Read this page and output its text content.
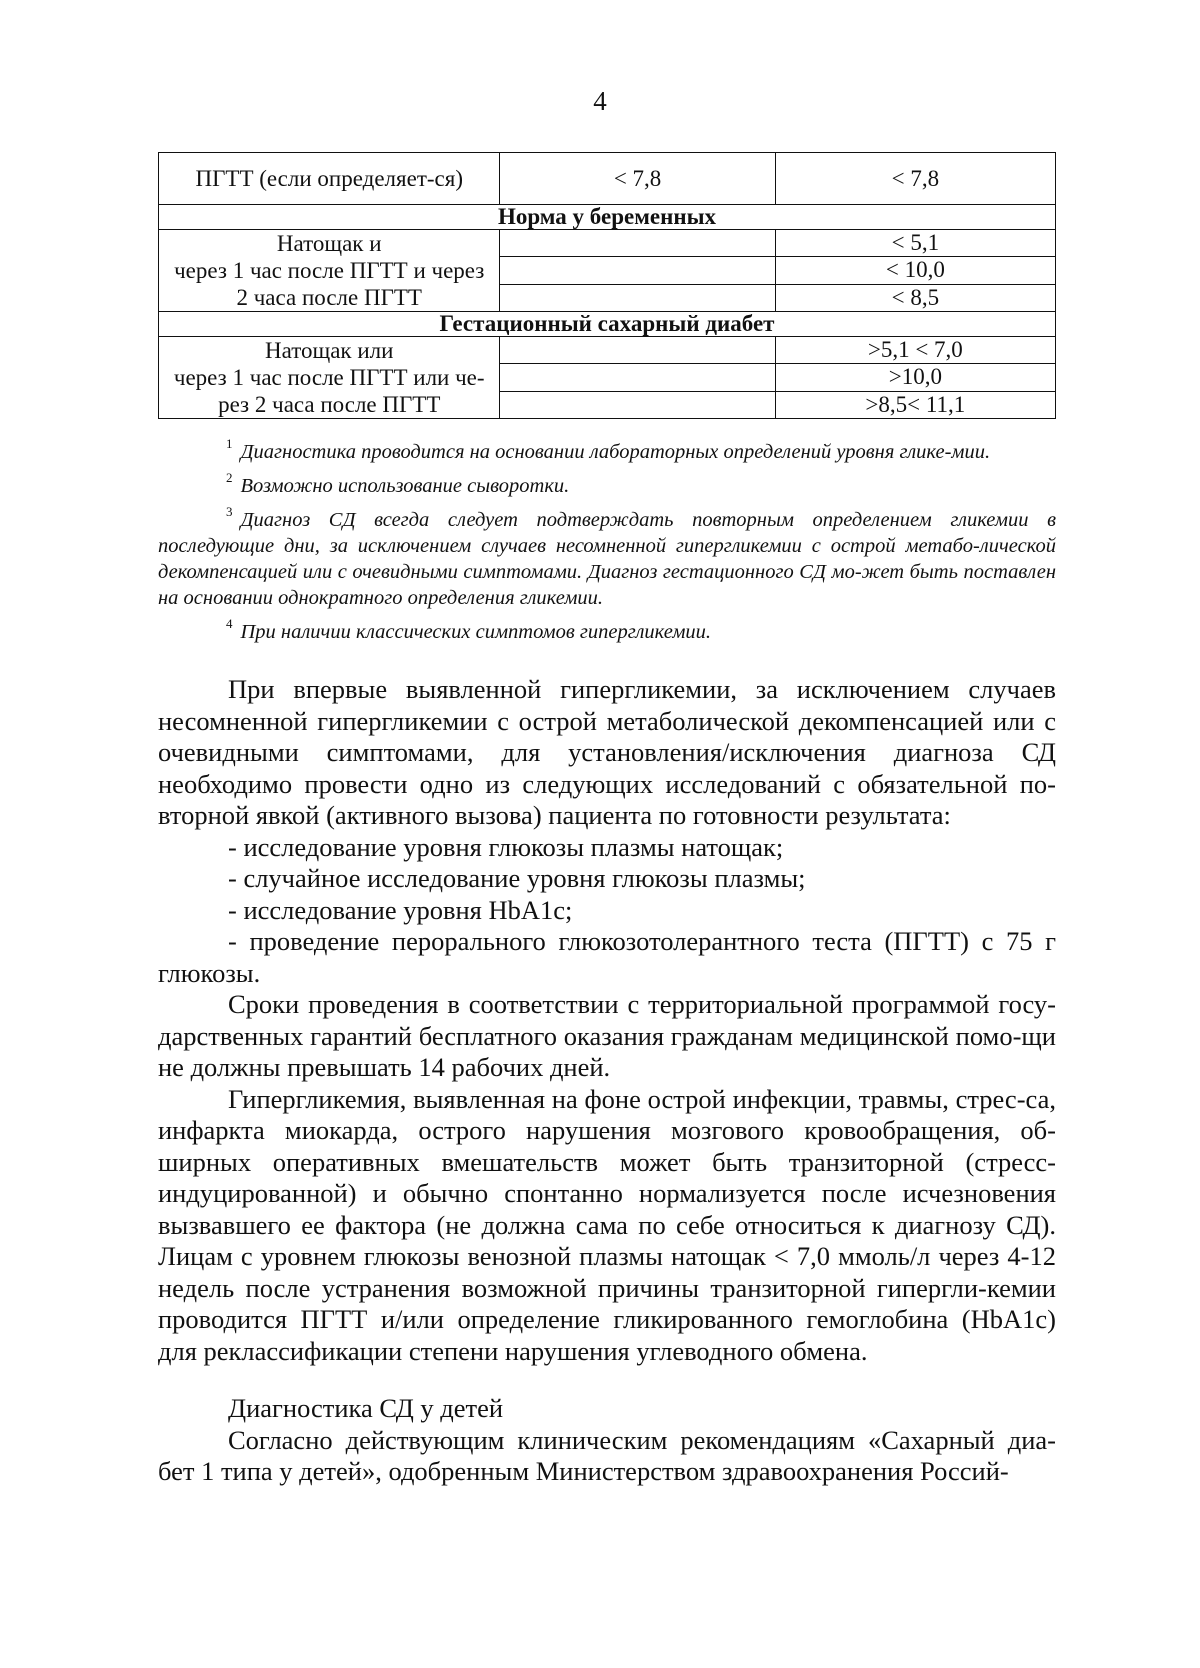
4
ПГТТ (если определяет-ся)	< 7,8	< 7,8
Норма у беременных		

Натощак и
через 1 час после ПГТТ и через
2 часа после ПГТТ		< 5,1
		< 10,0
		< 8,5
Гестационный сахарный диабет		

Натощак или
через 1 час после ПГТТ или че-
рез 2 часа после ПГТТ		>5,1 < 7,0
		>10,0
		>8,5< 11,1

$^1$ Диагностика проводится на основании лабораторных определений уровня глике-мии.

$^2$ Возможно использование сыворотки.

$^3$ Диагноз СД всегда следует подтверждать повторным определением гликемии в последующие дни, за исключением случаев несомненной гипергликемии с острой метабо-лической декомпенсацией или с очевидными симптомами. Диагноз гестационного СД мо-жет быть поставлен на основании однократного определения гликемии.

$^4$ При наличии классических симптомов гипергликемии.

При впервые выявленной гипергликемии, за исключением случаев несомненной гипергликемии с острой метаболической декомпенсацией или с очевидными симптомами, для установления/исключения диагноза СД необходимо провести одно из следующих исследований с обязательной по-вторной явкой (активного вызова) пациента по готовности результата:

- исследование уровня глюкозы плазмы натощак;

- случайное исследование уровня глюкозы плазмы;

- исследование уровня HbA1c;

- проведение перорального глюкозотолерантного теста (ПГТТ) с 75 г глюкозы.

Сроки проведения в соответствии с территориальной программой госу-дарственных гарантий бесплатного оказания гражданам медицинской помо-щи не должны превышать 14 рабочих дней.

Гипергликемия, выявленная на фоне острой инфекции, травмы, стрес-са, инфаркта миокарда, острого нарушения мозгового кровообращения, об-ширных оперативных вмешательств может быть транзиторной (стресс-индуцированной) и обычно спонтанно нормализуется после исчезновения вызвавшего ее фактора (не должна сама по себе относиться к диагнозу СД). Лицам с уровнем глюкозы венозной плазмы натощак < 7,0 ммоль/л через 4-12 недель после устранения возможной причины транзиторной гипергли-кемии проводится ПГТТ и/или определение гликированного гемоглобина (HbA1c) для реклассификации степени нарушения углеводного обмена.

Диагностика СД у детей

Согласно действующим клиническим рекомендациям «Сахарный диа-бет 1 типа у детей», одобренным Министерством здравоохранения Россий-
